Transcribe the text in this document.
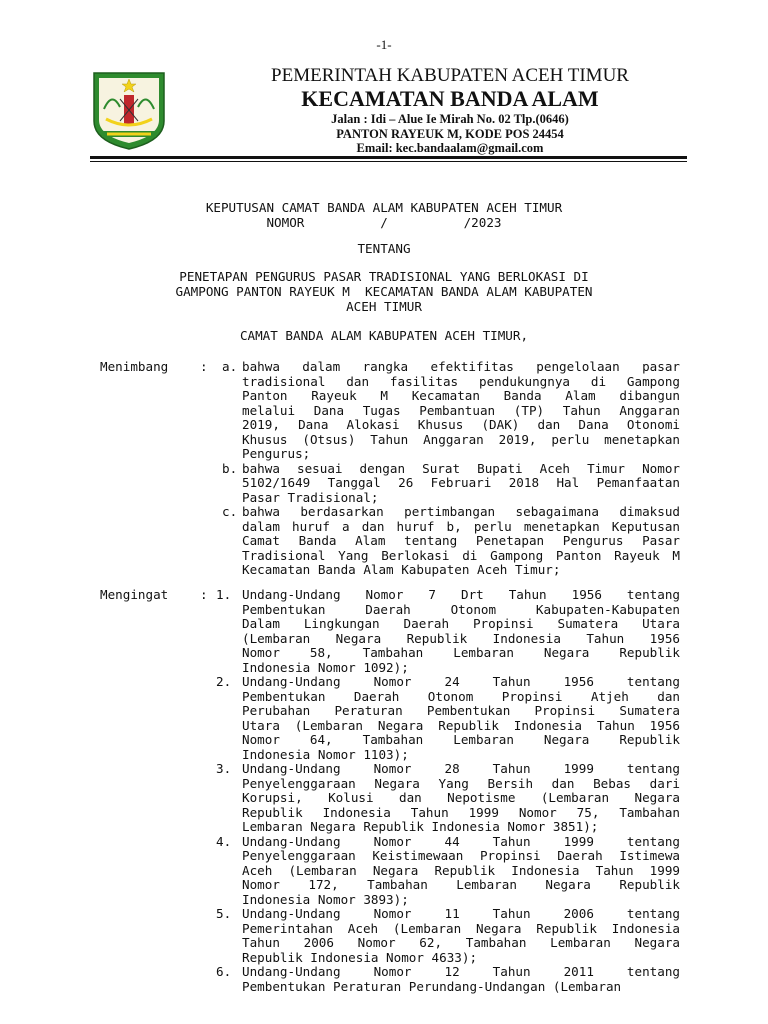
-1-
PEMERINTAH KABUPATEN ACEH TIMUR
KECAMATAN BANDA ALAM
Jalan : Idi – Alue Ie Mirah No. 02 Tlp.(0646)
PANTON RAYEUK M, KODE POS 24454
Email: kec.bandaalam@gmail.com
KEPUTUSAN CAMAT BANDA ALAM KABUPATEN ACEH TIMUR
NOMOR          /          /2023
TENTANG
PENETAPAN PENGURUS PASAR TRADISIONAL YANG BERLOKASI DI
GAMPONG PANTON RAYEUK M  KECAMATAN BANDA ALAM KABUPATEN
ACEH TIMUR
CAMAT BANDA ALAM KABUPATEN ACEH TIMUR,
Menimbang	:
Mengingat	:
a. bahwa dalam rangka efektifitas pengelolaan pasar
tradisional dan fasilitas pendukungnya di Gampong
Panton Rayeuk M Kecamatan Banda Alam dibangun
melalui Dana Tugas Pembantuan (TP) Tahun Anggaran
2019, Dana Alokasi Khusus (DAK) dan Dana Otonomi
Khusus (Otsus) Tahun Anggaran 2019, perlu menetapkan
Pengurus;
b. bahwa sesuai dengan Surat Bupati Aceh Timur Nomor
5102/1649 Tanggal 26 Februari 2018 Hal Pemanfaatan
Pasar Tradisional;
c. bahwa berdasarkan pertimbangan sebagaimana dimaksud
dalam huruf a dan huruf b, perlu menetapkan Keputusan
Camat Banda Alam tentang Penetapan Pengurus Pasar
Tradisional Yang Berlokasi di Gampong Panton Rayeuk M
Kecamatan Banda Alam Kabupaten Aceh Timur;
1. Undang-Undang Nomor 7 Drt Tahun 1956 tentang
Pembentukan Daerah Otonom Kabupaten-Kabupaten
Dalam Lingkungan Daerah Propinsi Sumatera Utara
(Lembaran Negara Republik Indonesia Tahun 1956
Nomor 58, Tambahan Lembaran Negara Republik
Indonesia Nomor 1092);
2. Undang-Undang Nomor 24 Tahun 1956 tentang
Pembentukan Daerah Otonom Propinsi Atjeh dan
Perubahan Peraturan Pembentukan Propinsi Sumatera
Utara (Lembaran Negara Republik Indonesia Tahun 1956
Nomor 64, Tambahan Lembaran Negara Republik
Indonesia Nomor 1103);
3. Undang-Undang Nomor 28 Tahun 1999 tentang
Penyelenggaraan Negara Yang Bersih dan Bebas dari
Korupsi, Kolusi dan Nepotisme (Lembaran Negara
Republik Indonesia Tahun 1999 Nomor 75, Tambahan
Lembaran Negara Republik Indonesia Nomor 3851);
4. Undang-Undang Nomor 44 Tahun 1999 tentang
Penyelenggaraan Keistimewaan Propinsi Daerah Istimewa
Aceh (Lembaran Negara Republik Indonesia Tahun 1999
Nomor 172, Tambahan Lembaran Negara Republik
Indonesia Nomor 3893);
5. Undang-Undang Nomor 11 Tahun 2006 tentang
Pemerintahan Aceh (Lembaran Negara Republik Indonesia
Tahun 2006 Nomor 62, Tambahan Lembaran Negara
Republik Indonesia Nomor 4633);
6. Undang-Undang Nomor 12 Tahun 2011 tentang
Pembentukan Peraturan Perundang-Undangan (Lembaran
